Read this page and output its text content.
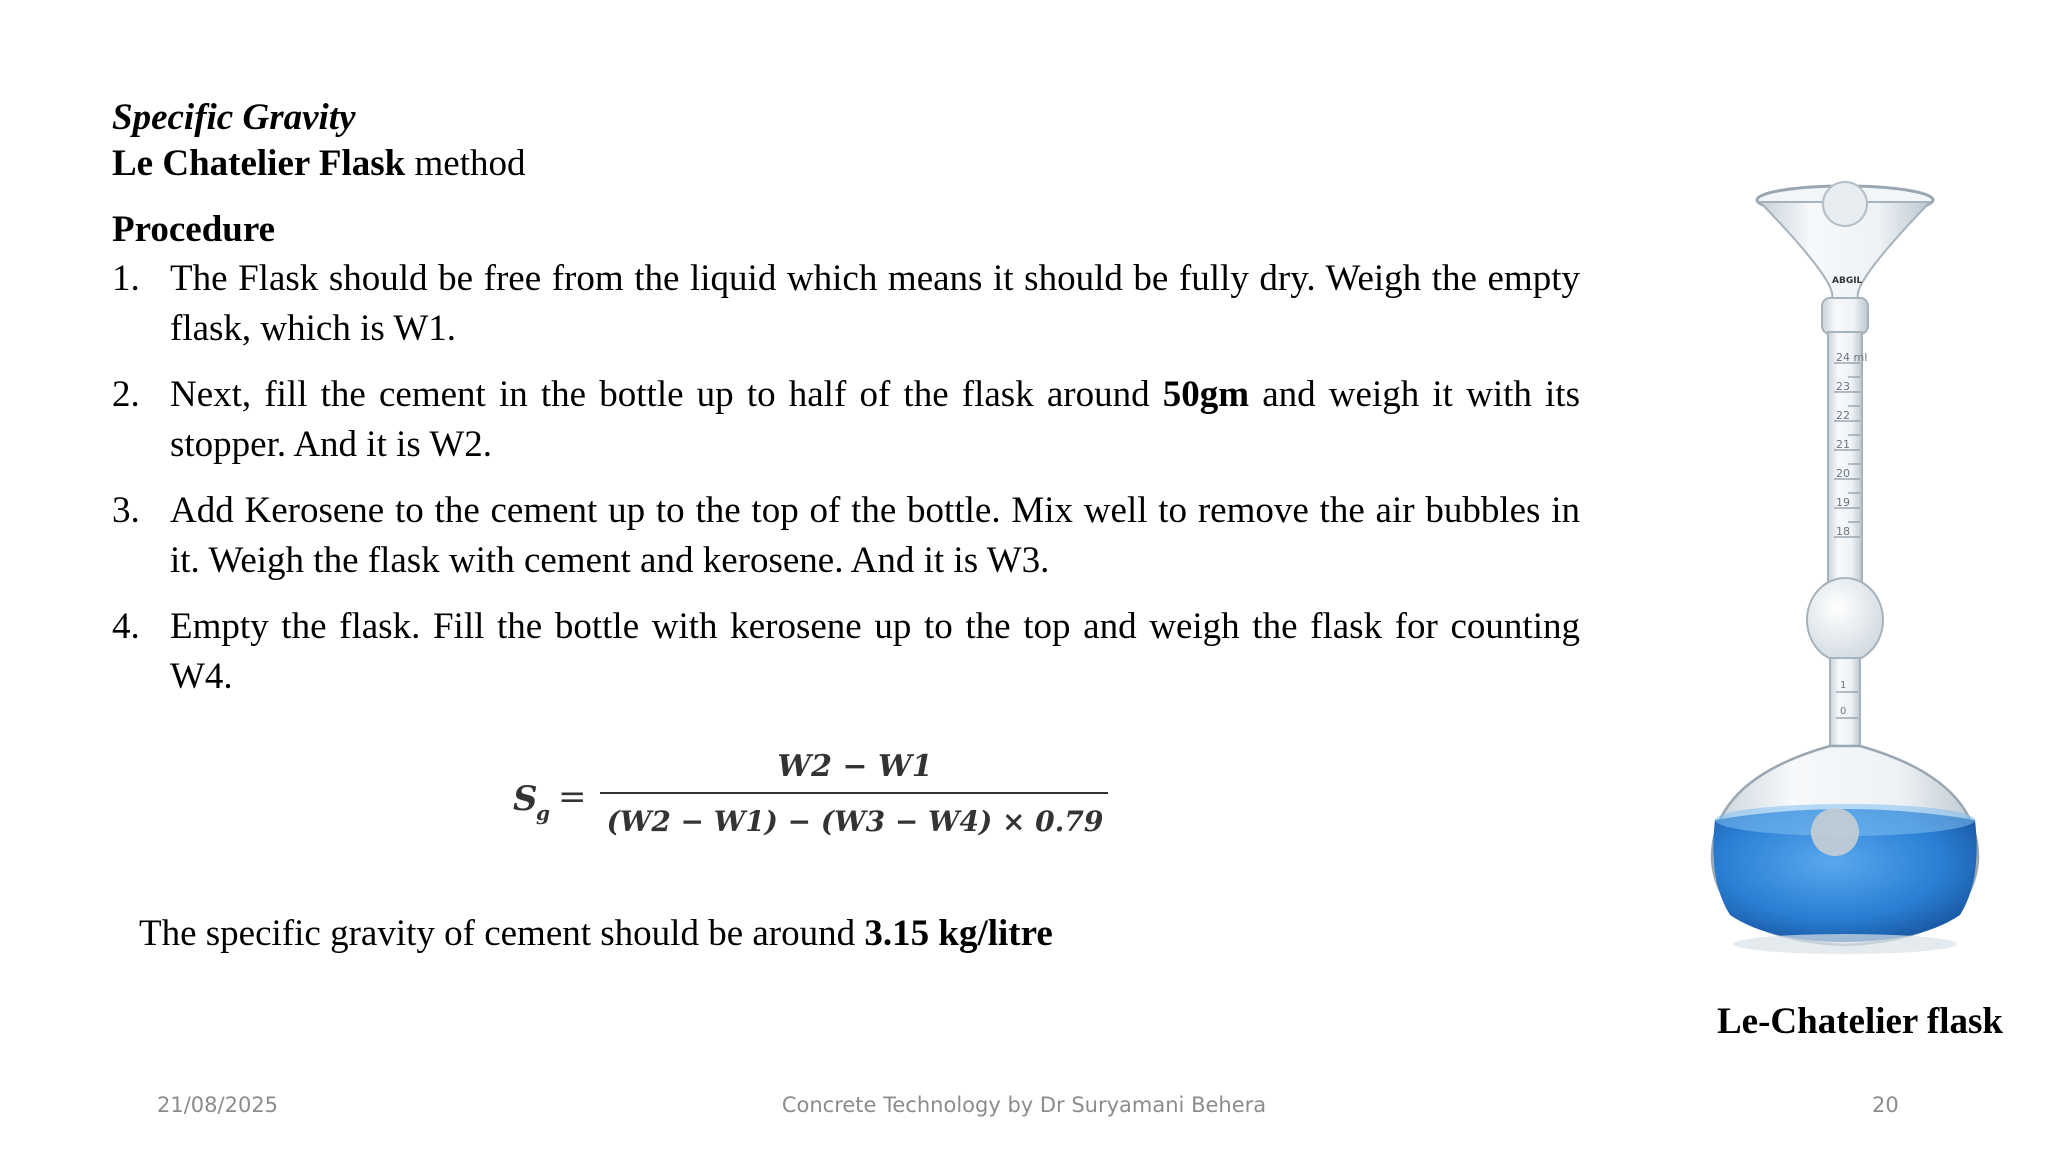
Specific Gravity
Le Chatelier Flask method
Procedure
1. The Flask should be free from the liquid which means it should be fully dry. Weigh the empty flask, which is W1.
2. Next, fill the cement in the bottle up to half of the flask around 50gm and weigh it with its stopper. And it is W2.
3. Add Kerosene to the cement up to the top of the bottle. Mix well to remove the air bubbles in it. Weigh the flask with cement and kerosene. And it is W3.
4. Empty the flask. Fill the bottle with kerosene up to the top and weigh the flask for counting W4.
S
g =
W2 − W1
(W2 − W1) − (W3 − W4) × 0.79
The specific gravity of cement should be around 3.15 kg/litre
ABGIL
24 ml
23
22
21
20
19
18
1
0
Le-Chatelier flask
21/08/2025	Concrete Technology by Dr Suryamani Behera	20
